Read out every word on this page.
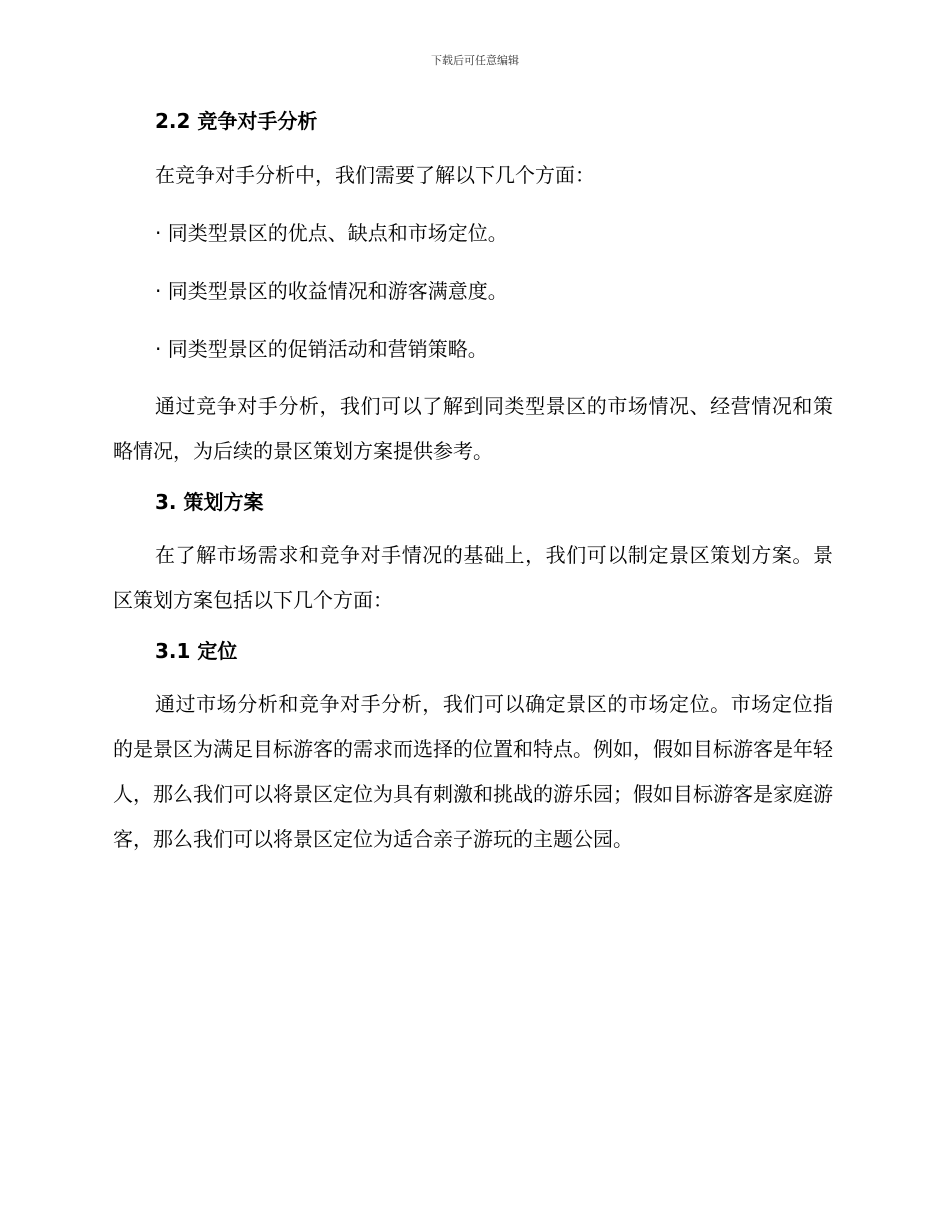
下载后可任意编辑
2.2 竞争对手分析

在竞争对手分析中，我们需要了解以下几个方面：

· 同类型景区的优点、缺点和市场定位。

· 同类型景区的收益情况和游客满意度。

· 同类型景区的促销活动和营销策略。

通过竞争对手分析，我们可以了解到同类型景区的市场情况、经营情况和策略情况，为后续的景区策划方案提供参考。

3. 策划方案

在了解市场需求和竞争对手情况的基础上，我们可以制定景区策划方案。景区策划方案包括以下几个方面：

3.1 定位

通过市场分析和竞争对手分析，我们可以确定景区的市场定位。市场定位指的是景区为满足目标游客的需求而选择的位置和特点。例如，假如目标游客是年轻人，那么我们可以将景区定位为具有刺激和挑战的游乐园；假如目标游客是家庭游客，那么我们可以将景区定位为适合亲子游玩的主题公园。
